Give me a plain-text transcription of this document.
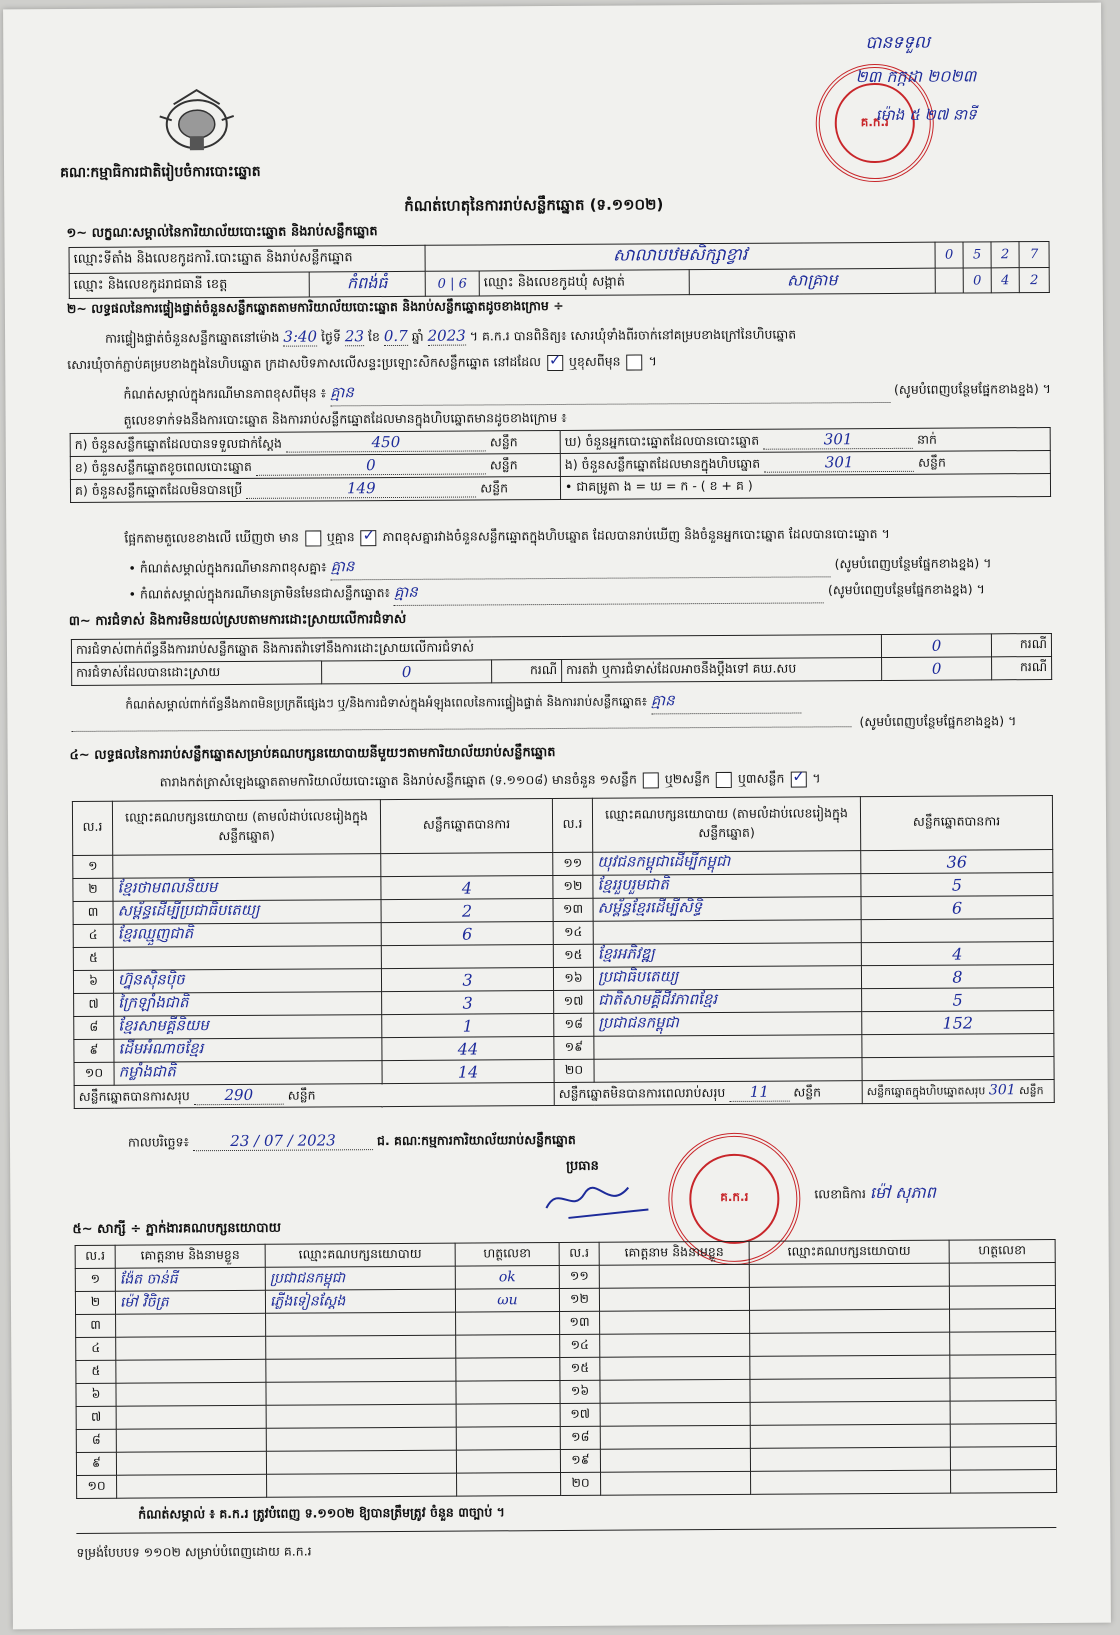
គណៈកម្មាធិការជាតិរៀបចំការបោះឆ្នោត
គ.ក.រ
បានទទួល
២៣ កក្កដា ២០២៣
ម៉ោង ៥ ២៧ នាទី
កំណត់ហេតុនៃការរាប់សន្លឹកឆ្នោត (ទ.១១០២)
១~ លក្ខណៈសម្គាល់នៃការិយាល័យបោះឆ្នោត និងរាប់សន្លឹកឆ្នោត
ឈ្មោះទីតាំង និងលេខកូដការិ.បោះឆ្នោត និងរាប់សន្លឹកឆ្នោត		សាលាបឋមសិក្សាខ្វាវ			0	5	2	7
ឈ្មោះ និងលេខកូដរាជធានី ខេត្ត	កំពង់ធំ	0 | 6	ឈ្មោះ និងលេខកូដឃុំ សង្កាត់	សាគ្រាម		0	4	2
២~ លទ្ធផលនៃការផ្ទៀងផ្ទាត់ចំនួនសន្លឹកឆ្នោតតាមការិយាល័យបោះឆ្នោត និងរាប់សន្លឹកឆ្នោតដូចខាងក្រោម ÷
ការផ្ទៀងផ្ទាត់ចំនួនសន្លឹកឆ្នោតនៅម៉ោង 3:40 ថ្ងៃទី 23 ខែ 0.7 ឆ្នាំ 2023 ។ គ.ក.រ បានពិនិត្យ៖ សោរឃុំទាំងពីរចាក់នៅគម្របខាងក្រៅនៃហិបឆ្នោត
សោរឃុំចាក់ភ្ជាប់គម្របខាងក្នុងនៃហិបឆ្នោត ក្រដាសបិទភាសលើសន្ទះប្រឡោះសិកសន្លឹកឆ្នោត នៅដដែល ✓ ឬខុសពីមុន  ។
កំណត់សម្គាល់ក្នុងករណីមានភាពខុសពីមុន ៖ គ្មាន	(សូមបំពេញបន្ថែមផ្នែកខាងខ្នង) ។
តួលេខទាក់ទងនឹងការបោះឆ្នោត និងការរាប់សន្លឹកឆ្នោតដែលមានក្នុងហិបឆ្នោតមានដូចខាងក្រោម ៖
ក) ចំនួនសន្លឹកឆ្នោតដែលបានទទួលជាក់ស្តែង 450 សន្លឹក	ឃ) ចំនួនអ្នកបោះឆ្នោតដែលបានបោះឆ្នោត 301 នាក់
ខ) ចំនួនសន្លឹកឆ្នោតខូចពេលបោះឆ្នោត 0 សន្លឹក	ង) ចំនួនសន្លឹកឆ្នោតដែលមានក្នុងហិបឆ្នោត 301 សន្លឹក
គ) ចំនួនសន្លឹកឆ្នោតដែលមិនបានប្រើ 149 សន្លឹក	• ជាគម្រូតា ង = ឃ = ក - ( ខ + គ )
ផ្អែកតាមតួលេខខាងលើ ឃើញថា មាន ឬគ្មាន ✓ ភាពខុសគ្នារវាងចំនួនសន្លឹកឆ្នោតក្នុងហិបឆ្នោត ដែលបានរាប់ឃើញ និងចំនួនអ្នកបោះឆ្នោត ដែលបានបោះឆ្នោត ។
• កំណត់សម្គាល់ក្នុងករណីមានភាពខុសគ្នា៖ គ្មាន	(សូមបំពេញបន្ថែមផ្នែកខាងខ្នង) ។
• កំណត់សម្គាល់ក្នុងករណីមានត្រាមិនមែនជាសន្លឹកឆ្នោត៖ គ្មាន	(សូមបំពេញបន្ថែមផ្នែកខាងខ្នង) ។
៣~ ការជំទាស់ និងការមិនយល់ស្របតាមការដោះស្រាយលើការជំទាស់
ការជំទាស់ពាក់ព័ន្ធនឹងការរាប់សន្លឹកឆ្នោត និងការតវ៉ាទៅនឹងការដោះស្រាយលើការជំទាស់				0	ករណី
ការជំទាស់ដែលបានដោះស្រាយ	0	ករណី	ការតវ៉ា ឬការជំទាស់ដែលអាចនឹងប្តឹងទៅ គឃ.សប	0	ករណី
កំណត់សម្គាល់ពាក់ព័ន្ធនឹងភាពមិនប្រក្រតីផ្សេងៗ ឬ/និងការជំទាស់ក្នុងអំឡុងពេលនៃការផ្ទៀងផ្ទាត់ និងការរាប់សន្លឹកឆ្នោត៖ គ្មាន
(សូមបំពេញបន្ថែមផ្នែកខាងខ្នង) ។
៤~ លទ្ធផលនៃការរាប់សន្លឹកឆ្នោតសម្រាប់គណបក្សនយោបាយនីមួយៗតាមការិយាល័យរាប់សន្លឹកឆ្នោត
តារាងកត់ត្រាសំឡេងឆ្នោតតាមការិយាល័យបោះឆ្នោត និងរាប់សន្លឹកឆ្នោត (ទ.១១០៨) មានចំនួន ១សន្លឹក ឬ២សន្លឹក ឬ៣សន្លឹក ✓ ។
ល.រ	ឈ្មោះគណបក្សនយោបាយ (តាមលំដាប់លេខរៀងក្នុងសន្លឹកឆ្នោត)	សន្លឹកឆ្នោតបានការ	ល.រ	ឈ្មោះគណបក្សនយោបាយ (តាមលំដាប់លេខរៀងក្នុងសន្លឹកឆ្នោត)	សន្លឹកឆ្នោតបានការ
១			១១	យុវជនកម្ពុជាដើម្បីកម្ពុជា	36
២	ខ្មែរថាមពលនិយម	4	១២	ខ្មែររួបរួមជាតិ	5
៣	សម្ព័ន្ធដើម្បីប្រជាធិបតេយ្យ	2	១៣	សម្ព័ន្ធខ្មែរដើម្បីសិទ្ធិ	6
៤	ខ្មែរឈ្មួញជាតិ	6	១៤		
៥			១៥	ខ្មែរអភិវឌ្ឍ	4
៦	ហ្វ៊ុនស៊ិនប៉ិច	3	១៦	ប្រជាធិបតេយ្យ	8
៧	ក្រៃឡាំងជាតិ	3	១៧	ជាតិសាមគ្គីជីវភាពខ្មែរ	5
៨	ខ្មែរសាមគ្គីនិយម	1	១៨	ប្រជាជនកម្ពុជា	152
៩	ដើមអំណាចខ្មែរ	44	១៩		
១០	កម្លាំងជាតិ	14	២០		
សន្លឹកឆ្នោតបានការសរុប 290 សន្លឹក			សន្លឹកឆ្នោតមិនបានការពេលរាប់សរុប 11 សន្លឹក		សន្លឹកឆ្នោតក្នុងហិបឆ្នោតសរុប 301 សន្លឹក
កាលបរិច្ឆេទ៖	23 / 07 / 2023	ជ. គណៈកម្មការការិយាល័យរាប់សន្លឹកឆ្នោត
ប្រធាន
គ.ក.រ	លេខាធិការ ម៉ៅ សុភាព
៥~ សាក្សី ÷ ភ្នាក់ងារគណបក្សនយោបាយ
ល.រ	គោត្តនាម និងនាមខ្លួន	ឈ្មោះគណបក្សនយោបាយ	ហត្ថលេខា	ល.រ	គោត្តនាម និងនាមខ្លួន	ឈ្មោះគណបក្សនយោបាយ	ហត្ថលេខា
១	ង៉ែត ចាន់ធី	ប្រជាជនកម្ពុជា	ok	១១			
២	ម៉ៅ វិចិត្រ	ភ្លើងទៀនស្តែង	ωu	១២			
៣				១៣			
៤				១៤			
៥				១៥			
៦				១៦			
៧				១៧			
៨				១៨			
៩				១៩			
១០				២០			
កំណត់សម្គាល់ ៖ គ.ក.រ ត្រូវបំពេញ ទ.១១០២ ឱ្យបានត្រឹមត្រូវ ចំនួន ៣ច្បាប់ ។
ទម្រង់បែបបទ ១១០២ សម្រាប់បំពេញដោយ គ.ក.រ
